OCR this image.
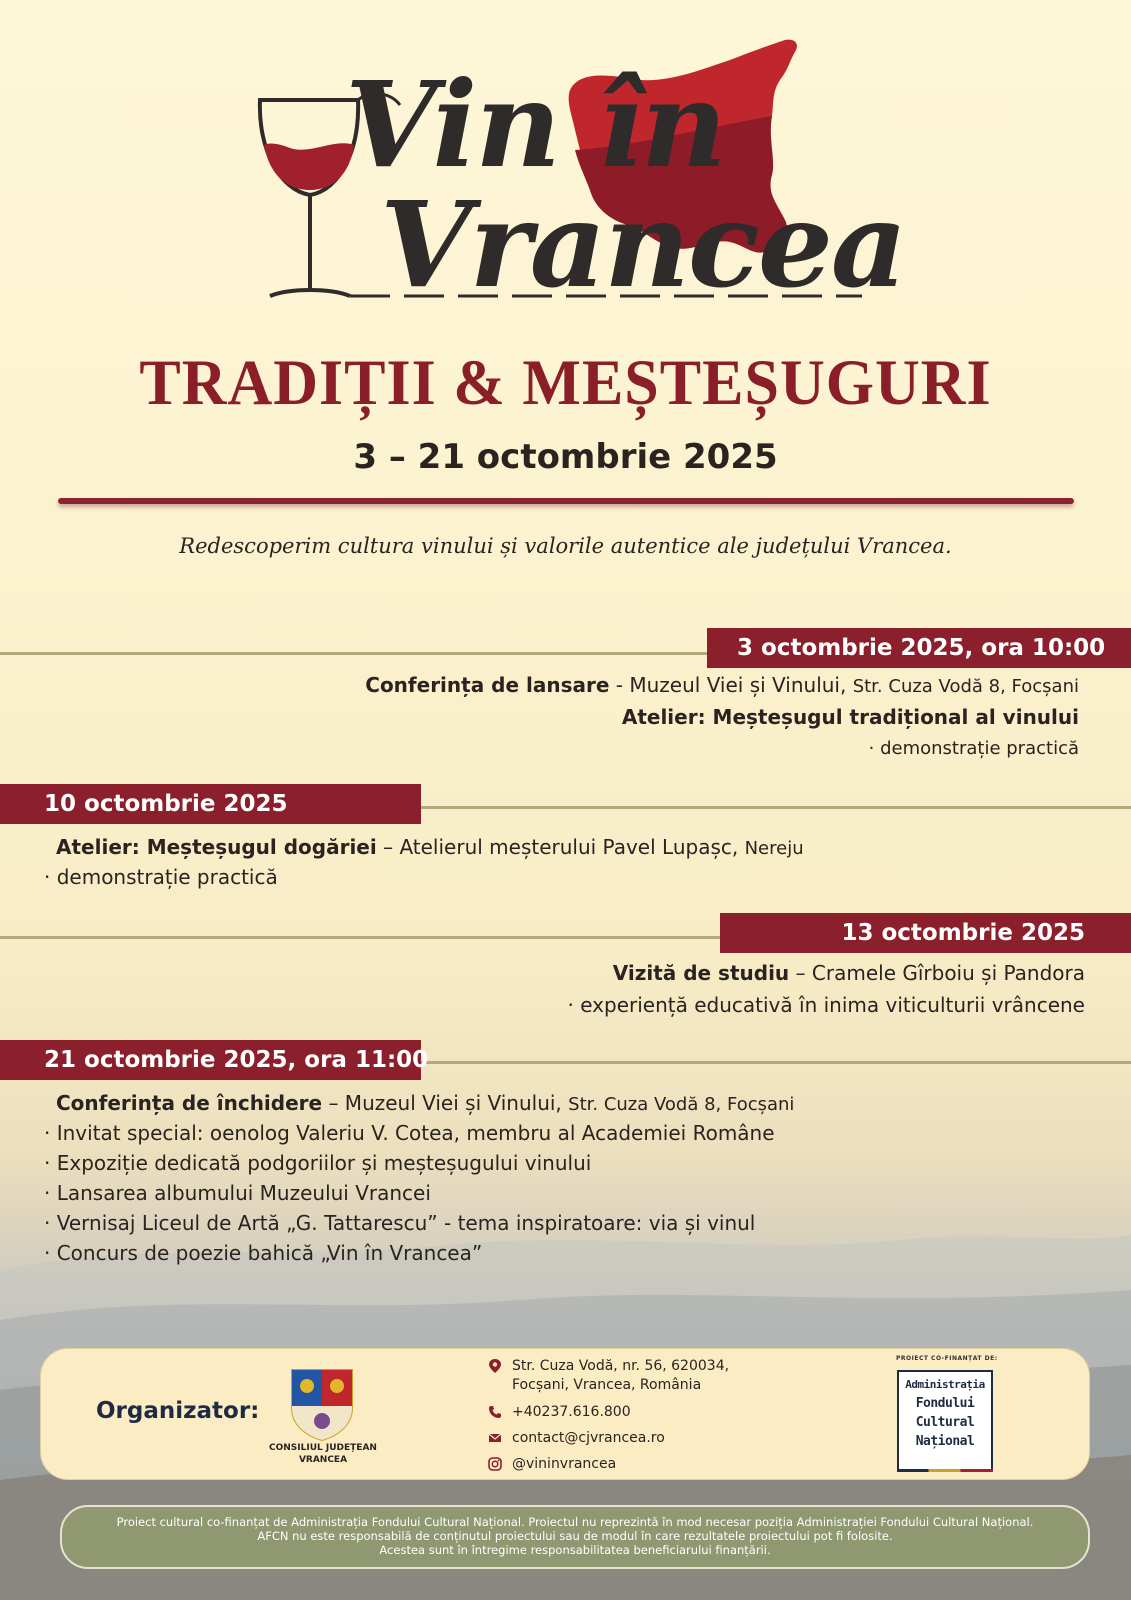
Vin în
Vrancea
TRADIȚII & MEȘTEȘUGURI
3 – 21 octombrie 2025
Redescoperim cultura vinului și valorile autentice ale județului Vrancea.
3 octombrie 2025, ora 10:00
Conferința de lansare - Muzeul Viei și Vinului, Str. Cuza Vodă 8, Focșani
Atelier: Meșteșugul tradițional al vinului
· demonstrație practică
10 octombrie 2025
Atelier: Meșteșugul dogăriei – Atelierul meșterului Pavel Lupașc, Nereju
· demonstrație practică
13 octombrie 2025
Vizită de studiu – Cramele Gîrboiu și Pandora
· experiență educativă în inima viticulturii vrâncene
21 octombrie 2025, ora 11:00
Conferința de închidere – Muzeul Viei și Vinului, Str. Cuza Vodă 8, Focșani
· Invitat special: oenolog Valeriu V. Cotea, membru al Academiei Române
· Expoziție dedicată podgoriilor și meșteșugului vinului
· Lansarea albumului Muzeului Vrancei
· Vernisaj Liceul de Artă „G. Tattarescu” - tema inspiratoare: via și vinul
· Concurs de poezie bahică „Vin în Vrancea”
Organizator:
CONSILIUL JUDEȚEAN
VRANCEA
Str. Cuza Vodă, nr. 56, 620034,
Focșani, Vrancea, România
+40237.616.800
contact@cjvrancea.ro
@vininvrancea
PROIECT CO-FINANȚAT DE:
Administrația
Fondului
Cultural
Național
Proiect cultural co-finanțat de Administrația Fondului Cultural Național. Proiectul nu reprezintă în mod necesar poziția Administrației Fondului Cultural Național.
AFCN nu este responsabilă de conținutul proiectului sau de modul în care rezultatele proiectului pot fi folosite.
Acestea sunt în întregime responsabilitatea beneficiarului finanțării.
